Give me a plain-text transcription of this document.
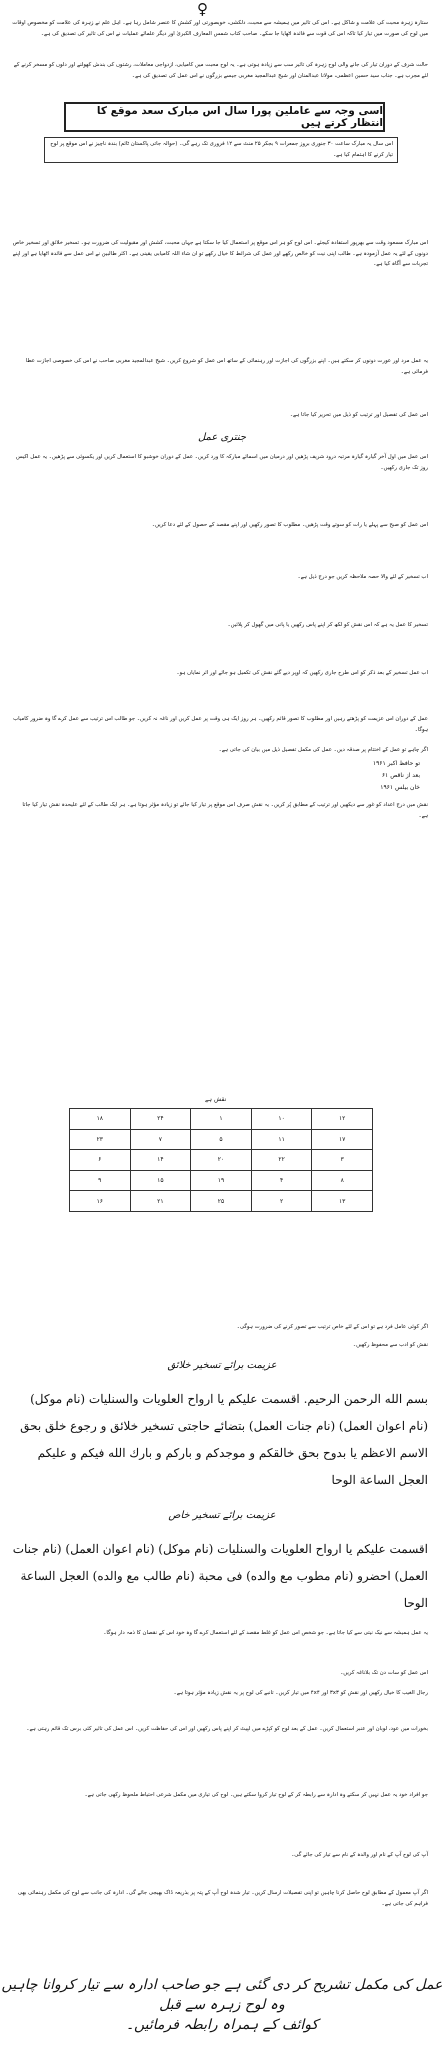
♀

ستارہ زہرہ محبت کی علامت و شاکل ہے۔ اس کی تاثیر میں ہمیشہ سے محبت، دلکشی، خوبصورتی اور کشش کا عنصر شامل رہا ہے۔ اہل علم نے زہرہ کی علامت کو مخصوص اوقات میں لوح کی صورت میں تیار کیا تاکہ اس کی قوت سے فائدہ اٹھایا جا سکے۔ صاحب کتاب شمس المعارف الکبریٰ اور دیگر علمائے عملیات نے اس کی تاثیر کی تصدیق کی ہے۔

حالت شرف کے دوران تیار کی جانے والی لوح زہرہ کی تاثیر سب سے زیادہ ہوتی ہے۔ یہ لوح محبت میں کامیابی، ازدواجی معاملات، رشتوں کی بندش کھولنے اور دلوں کو مسخر کرنے کے لئے مجرب ہے۔ جناب سید حسین اعظمی، مولانا عبدالمنان اور شیخ عبدالمجید مغربی جیسے بزرگوں نے اس عمل کی تصدیق کی ہے۔

اسی وجہ سے عاملین پورا سال اس مبارک سعد موقع کا انتظار کرتے ہیں
اس سال یہ مبارک ساعت ۳۰ جنوری بروز جمعرات ۹ بجکر ۲۵ منٹ سے ۱۲ فروری تک رہے گی۔ (حوالہ جاتی پاکستان ٹائم) بندہ ناچیز نے اس موقع پر لوح تیار کرنے کا اہتمام کیا ہے۔

اس مبارک مسعود وقت سے بھرپور استفادہ کیجئے۔ اس لوح کو ہر اس موقع پر استعمال کیا جا سکتا ہے جہاں محبت، کشش اور مقبولیت کی ضرورت ہو۔ تسخیر خلائق اور تسخیر خاص دونوں کے لئے یہ عمل آزمودہ ہے۔ طالب اپنی نیت کو خالص رکھے اور عمل کی شرائط کا خیال رکھے تو ان شاء اللہ کامیابی یقینی ہے۔ اکثر طالبین نے اس عمل سے فائدہ اٹھایا ہے اور اپنے تجربات سے آگاہ کیا ہے۔

یہ عمل مرد اور عورت دونوں کر سکتے ہیں۔ اپنے بزرگوں کی اجازت اور رہنمائی کے ساتھ اس عمل کو شروع کریں۔ شیخ عبدالمجید مغربی صاحب نے اس کی خصوصی اجازت عطا فرمائی ہے۔

اس عمل کی تفصیل اور ترتیب کو ذیل میں تحریر کیا جاتا ہے۔

جنتری عمل

اس عمل میں اول آخر گیارہ گیارہ مرتبہ درود شریف پڑھیں اور درمیان میں اسمائے مبارکہ کا ورد کریں۔ عمل کے دوران خوشبو کا استعمال کریں اور یکسوئی سے پڑھیں۔ یہ عمل اکیس روز تک جاری رکھیں۔

اس عمل کو صبح سے پہلے یا رات کو سوتے وقت پڑھیں۔ مطلوب کا تصور رکھیں اور اپنے مقصد کے حصول کے لئے دعا کریں۔

اب تسخیر کے لئے والا حصہ ملاحظہ کریں جو درج ذیل ہے۔

تسخیر کا عمل یہ ہے کہ اس نقش کو لکھ کر اپنے پاس رکھیں یا پانی میں گھول کر پلائیں۔

اب عمل تسخیر کے بعد ذکر کو اس طرح جاری رکھیں کہ اوپر دیے گئے نقش کی تکمیل ہو جائے اور اثر نمایاں ہو۔

عمل کے دوران اس عزیمت کو پڑھتے رہیں اور مطلوب کا تصور قائم رکھیں۔ ہر روز ایک ہی وقت پر عمل کریں اور ناغہ نہ کریں۔ جو طالب اس ترتیب سے عمل کرے گا وہ ضرور کامیاب ہوگا۔

اگر چاہے تو عمل کے اختتام پر صدقہ دیں۔ عمل کی مکمل تفصیل ذیل میں بیان کی جاتی ہے۔

تو حافظ اکبر ۱۹۶۱
بعد از ناقص ۶۱
خان بیلس ۱۹۶۱

نقش میں درج اعداد کو غور سے دیکھیں اور ترتیب کے مطابق پُر کریں۔ یہ نقش صرف اس موقع پر تیار کیا جائے تو زیادہ مؤثر ہوتا ہے۔ ہر ایک طالب کے لئے علیحدہ نقش تیار کیا جاتا ہے۔

نقش ہے
۱۸	۲۴	۱	۱۰	۱۲
۲۳	۷	۵	۱۱	۱۷
۶	۱۴	۲۰	۲۲	۳
۹	۱۵	۱۹	۴	۸
۱۶	۲۱	۲۵	۲	۱۳

اگر کوئی عامل فرد ہے تو اس کے لئے خاص ترتیب سے تصور کرنے کی ضرورت ہوگی۔

نقش کو ادب سے محفوظ رکھیں۔

عزیمت برائے تسخیر خلائق

بسم الله الرحمن الرحيم. اقسمت عليكم يا ارواح العلويات والسنليات (نام موكل) (نام اعوان العمل) (نام جنات العمل) بتضائے حاجتی تسخیر خلائق و رجوع خلق بحق الاسم الاعظم یا بدوح بحق خالقکم و موجدکم و بارکم و بارك الله فيكم و عليكم العجل الساعة الوحا

عزیمت برائے تسخیر خاص

اقسمت عليكم يا ارواح العلويات والسنليات (نام موكل) (نام اعوان العمل) (نام جنات العمل) احضرو (نام مطوب مع والده) فى محبة (نام طالب مع والده) العجل الساعة الوحا

یہ عمل ہمیشہ سے نیک نیتی سے کیا جاتا ہے۔ جو شخص اس عمل کو غلط مقصد کے لئے استعمال کرے گا وہ خود اس کے نقصان کا ذمہ دار ہوگا۔

اس عمل کو سات دن تک بلاناغہ کریں۔

رجال الغیب کا خیال رکھیں اور نقش کو ۳x۳ اور ۴x۴ میں تیار کریں۔ تانبے کی لوح پر یہ نقش زیادہ مؤثر ہوتا ہے۔

بخورات میں عود، لوبان اور عنبر استعمال کریں۔ عمل کے بعد لوح کو کپڑے میں لپیٹ کر اپنے پاس رکھیں اور اس کی حفاظت کریں۔ اس عمل کی تاثیر کئی برس تک قائم رہتی ہے۔

جو افراد خود یہ عمل نہیں کر سکتے وہ ادارہ سے رابطہ کر کے لوح تیار کروا سکتے ہیں۔ لوح کی تیاری میں مکمل شرعی احتیاط ملحوظ رکھی جاتی ہے۔

آپ کی لوح آپ کے نام اور والدہ کے نام سے تیار کی جائے گی۔

اگر آپ معمول کے مطابق لوح حاصل کرنا چاہیں تو اپنی تفصیلات ارسال کریں۔ تیار شدہ لوح آپ کے پتہ پر بذریعہ ڈاک بھیجی جائے گی۔ ادارہ کی جانب سے لوح کی مکمل رہنمائی بھی فراہم کی جاتی ہے۔

عمل کی مکمل تشریح کر دی گئی ہے جو صاحب ادارہ سے تیار کروانا چاہیں وہ لوح زہرہ سے قبل
کوائف کے ہمراہ رابطہ فرمائیں۔
